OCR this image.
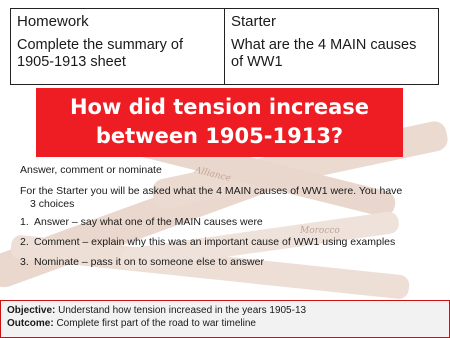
Alliance
Morocco
Homework
Complete the summary of 1905-1913 sheet
Starter
What are the 4 MAIN causes of WW1
How did tension increase between 1905-1913?
Answer, comment or nominate
For the Starter you will be asked what the 4 MAIN causes of WW1 were. You have
3 choices
1. Answer – say what one of the MAIN causes were
2. Comment – explain why this was an important cause of WW1 using examples
3. Nominate – pass it on to someone else to answer
Objective: Understand how tension increased in the years 1905-13
Outcome: Complete first part of the road to war timeline
